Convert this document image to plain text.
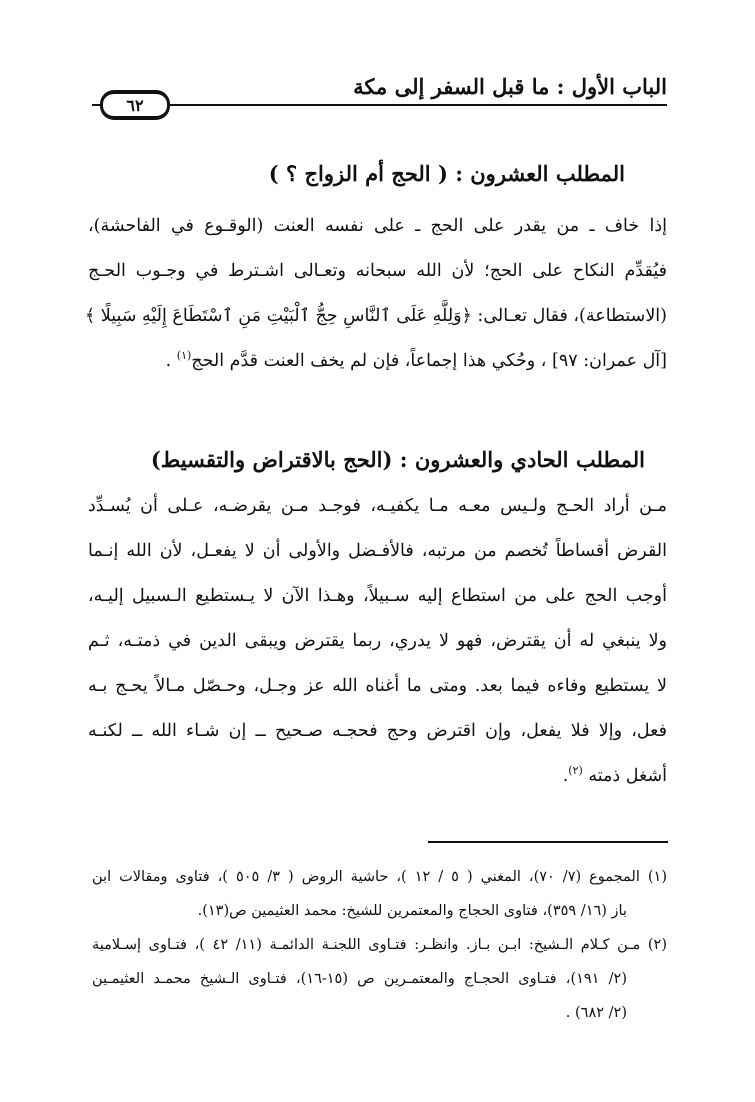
الباب الأول : ما قبل السفر إلى مكة
٦٢
المطلب العشرون : ( الحج أم الزواج ؟ )
إذا خاف ـ من يقدر على الحج ـ على نفسه العنت (الوقـوع في الفاحشة)،
فيُقدِّم النكاح على الحج؛ لأن الله سبحانه وتعـالى اشـترط في وجـوب الحـج
(الاستطاعة)، فقال تعـالى: ﴿وَلِلَّهِ عَلَى ٱلنَّاسِ حِجُّ ٱلْبَيْتِ مَنِ ٱسْتَطَاعَ إِلَيْهِ سَبِيلًا ﴾
[آل عمران: ٩٧] ، وحُكي هذا إجماعاً، فإن لم يخف العنت قدَّم الحج$^{(١)}$ .
المطلب الحادي والعشرون : (الحج بالاقتراض والتقسيط)
مـن أراد الحـج ولـيس معـه مـا يكفيـه، فوجـد مـن يقرضـه، عـلى أن يُسـدِّد
القرض أقساطاً تُخصم من مرتبه، فالأفـضل والأولى أن لا يفعـل، لأن الله إنـما
أوجب الحج على من استطاع إليه سـبيلاً، وهـذا الآن لا يـستطيع الـسبيل إليـه،
ولا ينبغي له أن يقترض، فهو لا يدري، ربما يقترض ويبقى الدين في ذمتـه، ثـم
لا يستطيع وفاءه فيما بعد. ومتى ما أغناه الله عز وجـل، وحـصّل مـالاً يحـج بـه
فعل، وإلا فلا يفعل، وإن اقترض وحج فحجـه صـحيح ــ إن شـاء الله ــ لكنـه
أشغل ذمته $^{(٢)}$.
(١) المجموع (٧/ ٧٠)، المغني ( ٥ / ١٢ )، حاشية الروض ( ٣/ ٥٠٥ )، فتاوى ومقالات ابن
باز (١٦/ ٣٥٩)، فتاوى الحجاج والمعتمرين للشيخ: محمد العثيمين ص(١٣).
(٢) مـن كـلام الـشيخ: ابـن بـاز. وانظـر: فتـاوى اللجنـة الدائمـة (١١/ ٤٢ )، فتـاوى إسـلامية
(٢/ ١٩١)، فتـاوى الحجـاج والمعتمـرين ص (١٥-١٦)، فتـاوى الـشيخ محمـد العثيمـين
(٢/ ٦٨٢) .
